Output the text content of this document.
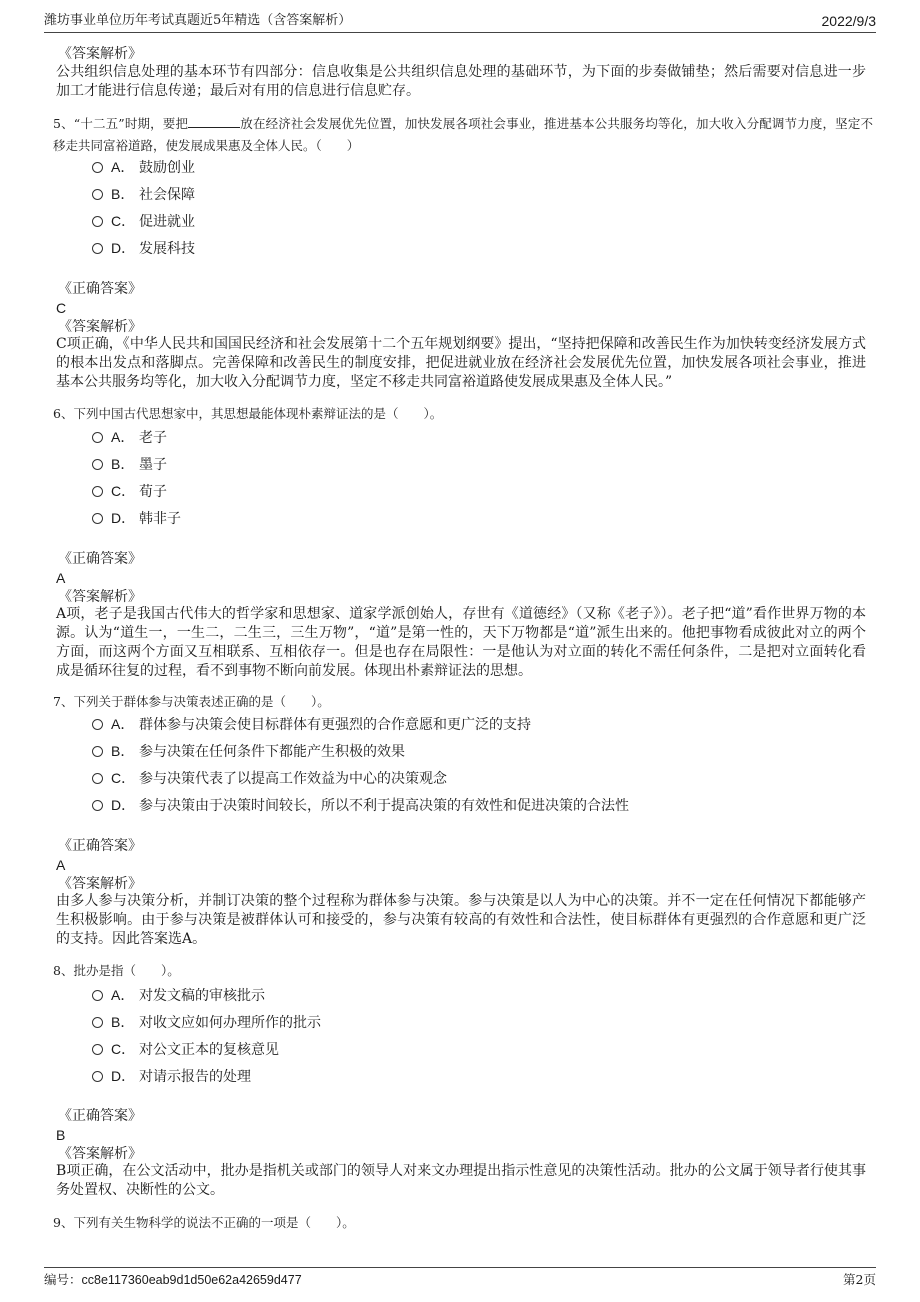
潍坊事业单位历年考试真题近5年精选（含答案解析）	2022/9/3
《答案解析》
公共组织信息处理的基本环节有四部分：信息收集是公共组织信息处理的基础环节，为下面的步奏做铺垫；然后需要对信息进一步加工才能进行信息传递；最后对有用的信息进行信息贮存。
5、“十二五”时期，要把	放在经济社会发展优先位置，加快发展各项社会事业，推进基本公共服务均等化，加大收入分配调节力度，坚定不移走共同富裕道路，使发展成果惠及全体人民。（　　）
A． 鼓励创业
B． 社会保障
C． 促进就业
D． 发展科技
《正确答案》
C
《答案解析》
C项正确，《中华人民共和国国民经济和社会发展第十二个五年规划纲要》提出，“坚持把保障和改善民生作为加快转变经济发展方式的根本出发点和落脚点。完善保障和改善民生的制度安排，把促进就业放在经济社会发展优先位置，加快发展各项社会事业，推进基本公共服务均等化，加大收入分配调节力度，坚定不移走共同富裕道路使发展成果惠及全体人民。”
6、下列中国古代思想家中，其思想最能体现朴素辩证法的是（　　）。
A． 老子
B． 墨子
C． 荀子
D． 韩非子
《正确答案》
A
《答案解析》
A项，老子是我国古代伟大的哲学家和思想家、道家学派创始人，存世有《道德经》（又称《老子》）。老子把“道”看作世界万物的本源。认为“道生一，一生二，二生三，三生万物”，“道”是第一性的，天下万物都是“道”派生出来的。他把事物看成彼此对立的两个方面，而这两个方面又互相联系、互相依存一。但是也存在局限性：一是他认为对立面的转化不需任何条件，二是把对立面转化看成是循环往复的过程，看不到事物不断向前发展。体现出朴素辩证法的思想。
7、下列关于群体参与决策表述正确的是（　　）。
A． 群体参与决策会使目标群体有更强烈的合作意愿和更广泛的支持
B． 参与决策在任何条件下都能产生积极的效果
C． 参与决策代表了以提高工作效益为中心的决策观念
D． 参与决策由于决策时间较长，所以不利于提高决策的有效性和促进决策的合法性
《正确答案》
A
《答案解析》
由多人参与决策分析，并制订决策的整个过程称为群体参与决策。参与决策是以人为中心的决策。并不一定在任何情况下都能够产生积极影响。由于参与决策是被群体认可和接受的，参与决策有较高的有效性和合法性，使目标群体有更强烈的合作意愿和更广泛的支持。因此答案选A。
8、批办是指（　　）。
A． 对发文稿的审核批示
B． 对收文应如何办理所作的批示
C． 对公文正本的复核意见
D． 对请示报告的处理
《正确答案》
B
《答案解析》
B项正确，在公文活动中，批办是指机关或部门的领导人对来文办理提出指示性意见的决策性活动。批办的公文属于领导者行使其事务处置权、决断性的公文。
9、下列有关生物科学的说法不正确的一项是（　　）。
编号：cc8e117360eab9d1d50e62a42659d477	第2页
